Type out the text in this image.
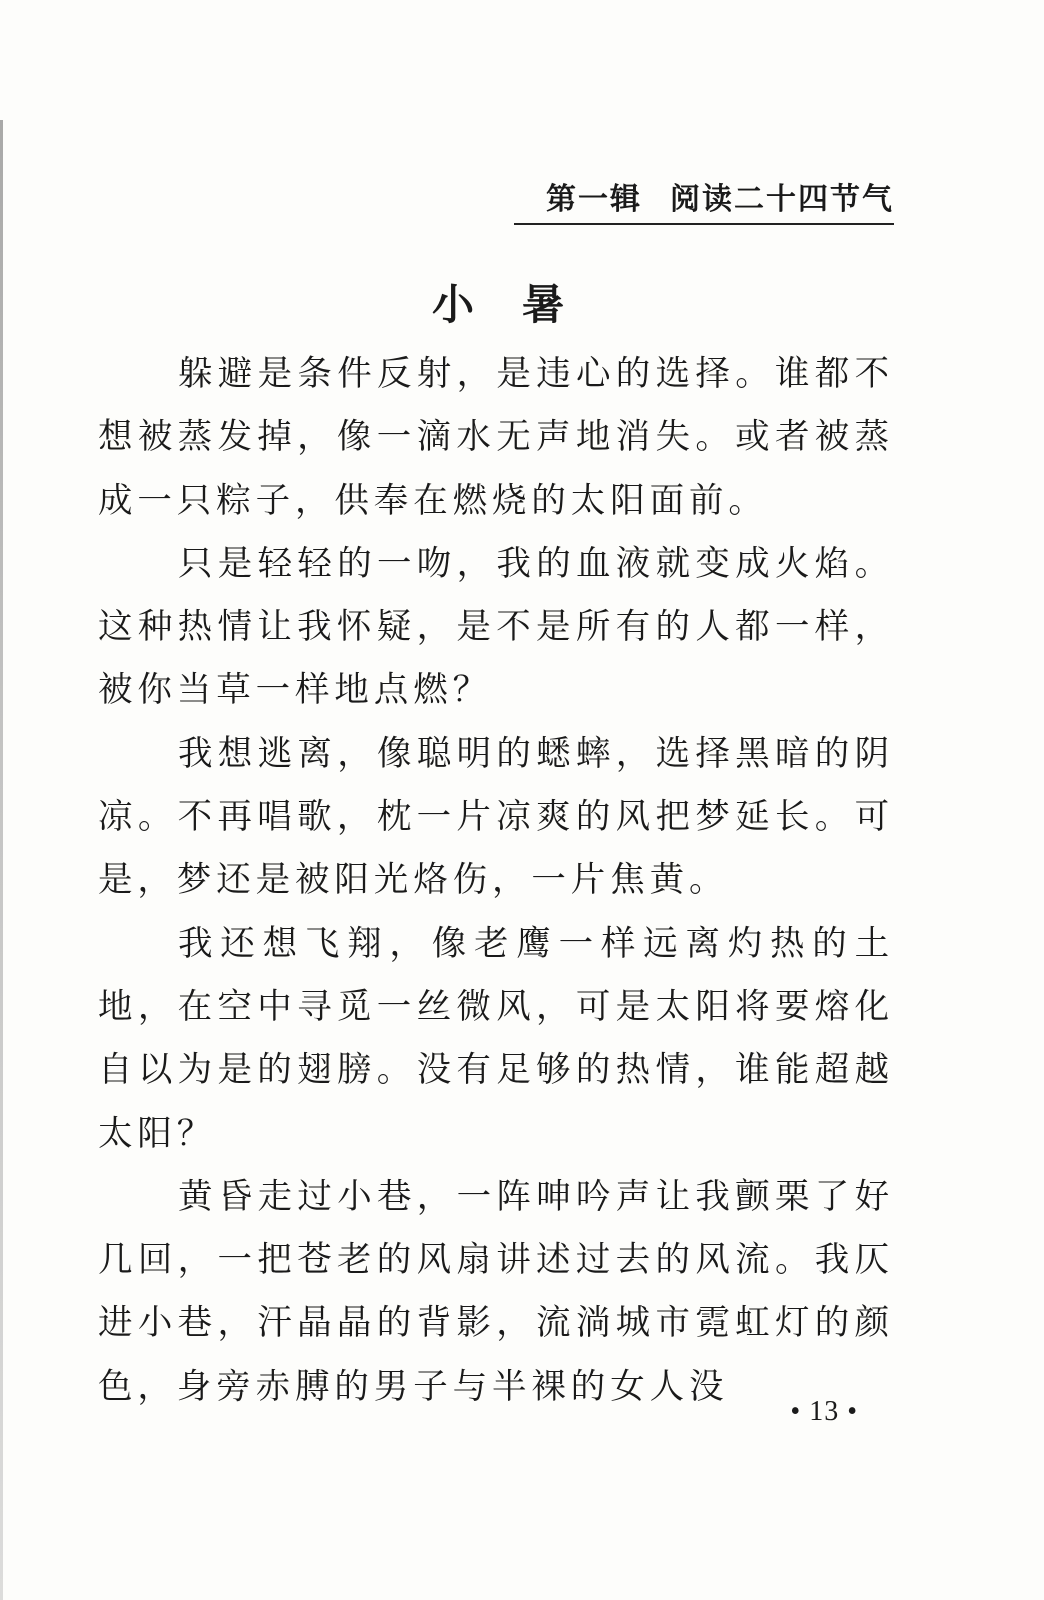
第一辑 阅读二十四节气
小暑

躲避是条件反射，是违心的选择。谁都不想被蒸发掉，像一滴水无声地消失。或者被蒸成一只粽子，供奉在燃烧的太阳面前。

只是轻轻的一吻，我的血液就变成火焰。这种热情让我怀疑，是不是所有的人都一样，被你当草一样地点燃？

我想逃离，像聪明的蟋蟀，选择黑暗的阴凉。不再唱歌，枕一片凉爽的风把梦延长。可是，梦还是被阳光烙伤，一片焦黄。

我还想飞翔，像老鹰一样远离灼热的土地，在空中寻觅一丝微风，可是太阳将要熔化自以为是的翅膀。没有足够的热情，谁能超越太阳？

黄昏走过小巷，一阵呻吟声让我颤栗了好几回，一把苍老的风扇讲述过去的风流。我仄进小巷，汗晶晶的背影，流淌城市霓虹灯的颜色，身旁赤膊的男子与半裸的女人没

• 13 •
